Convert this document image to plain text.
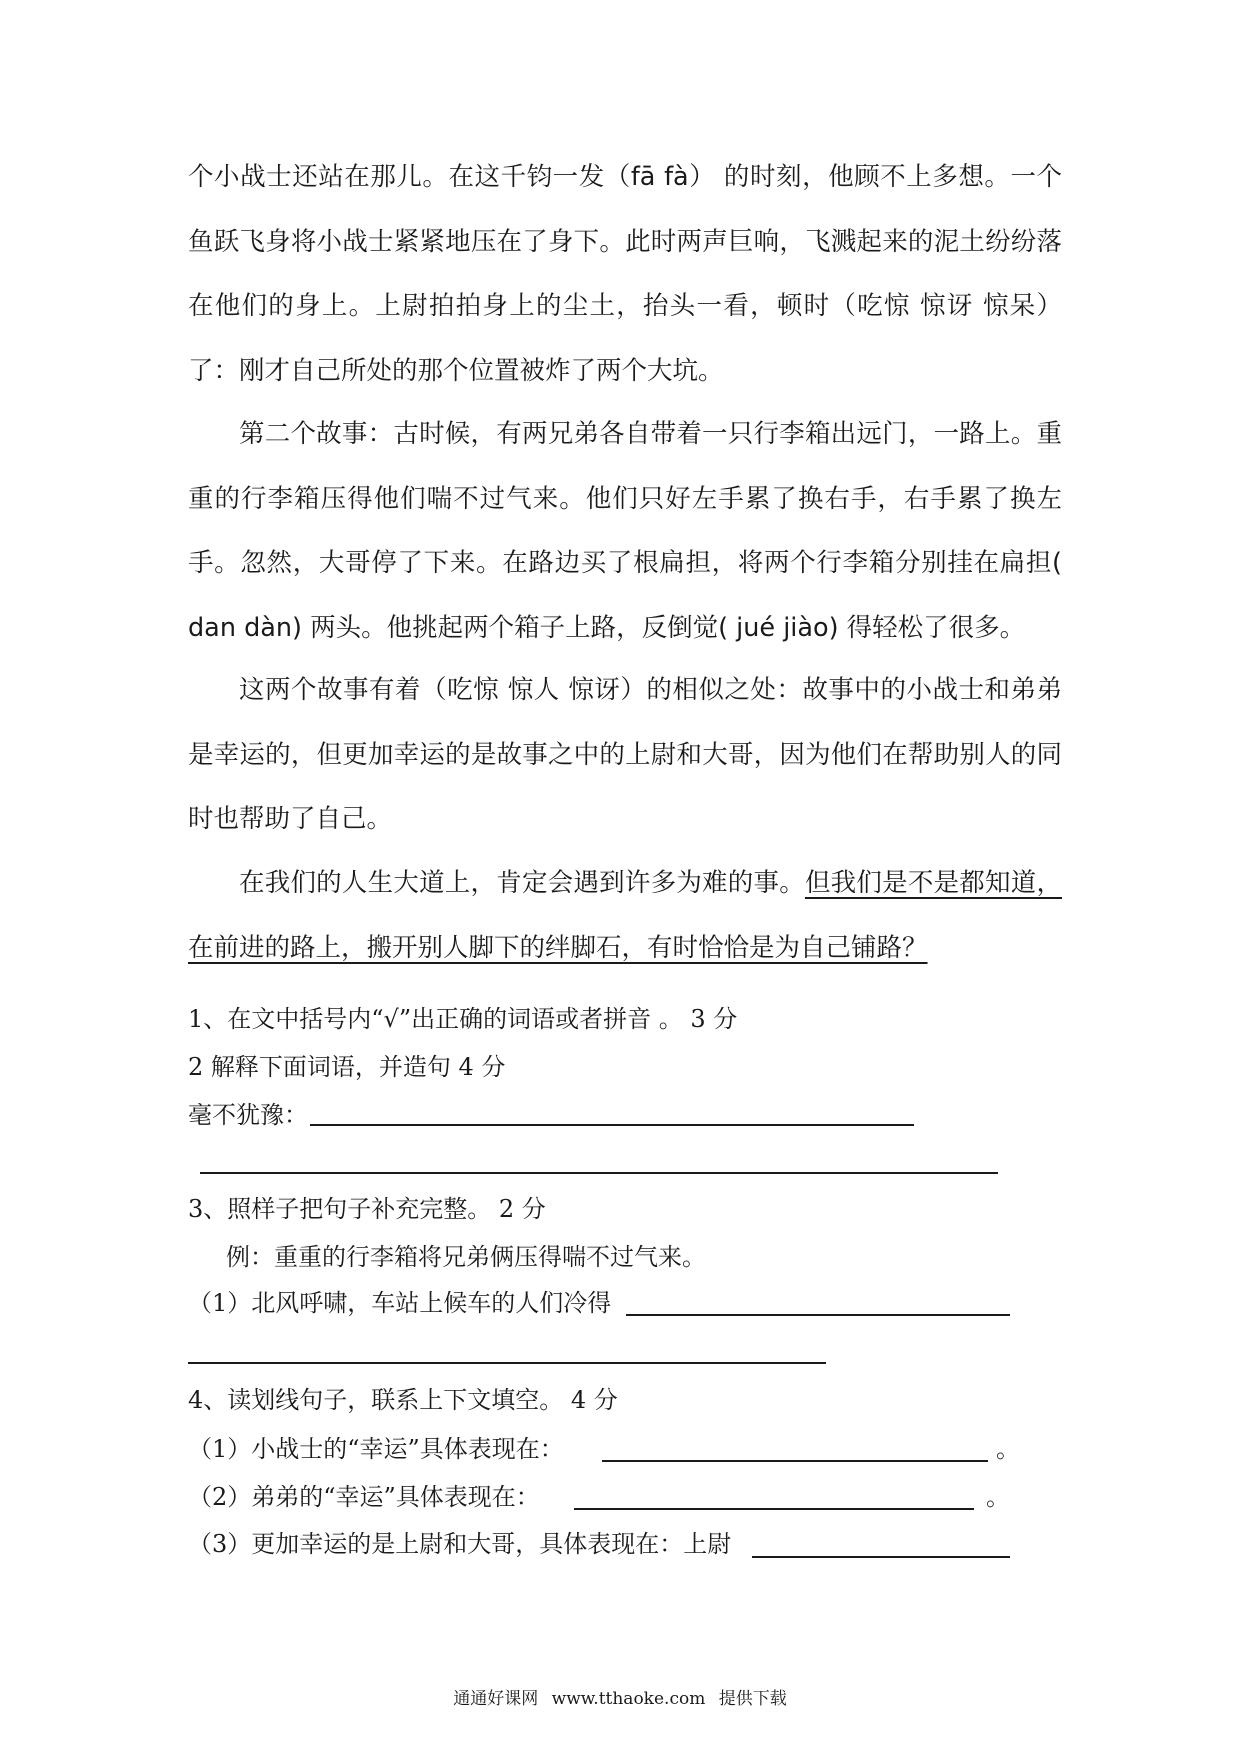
个小战士还站在那儿。在这千钧一发（fā fà） 的时刻，他顾不上多想。一个鱼跃飞身将小战士紧紧地压在了身下。此时两声巨响，飞溅起来的泥土纷纷落在他们的身上。上尉拍拍身上的尘土，抬头一看，顿时（吃惊 惊讶 惊呆）了：刚才自己所处的那个位置被炸了两个大坑。

第二个故事：古时候，有两兄弟各自带着一只行李箱出远门，一路上。重重的行李箱压得他们喘不过气来。他们只好左手累了换右手，右手累了换左手。忽然，大哥停了下来。在路边买了根扁担，将两个行李箱分别挂在扁担( dan dàn) 两头。他挑起两个箱子上路，反倒觉( jué jiào) 得轻松了很多。

这两个故事有着（吃惊 惊人 惊讶）的相似之处：故事中的小战士和弟弟是幸运的，但更加幸运的是故事之中的上尉和大哥，因为他们在帮助别人的同时也帮助了自己。

在我们的人生大道上，肯定会遇到许多为难的事。但我们是不是都知道，在前进的路上，搬开别人脚下的绊脚石，有时恰恰是为自己铺路？

1、在文中括号内“√”出正确的词语或者拼音 。 3 分
2 解释下面词语，并造句 4 分
毫不犹豫：
3、照样子把句子补充完整。 2 分
例：重重的行李箱将兄弟俩压得喘不过气来。
（1）北风呼啸，车站上候车的人们冷得
4、读划线句子，联系上下文填空。 4 分
（1）小战士的“幸运”具体表现在：	。
（2）弟弟的“幸运”具体表现在：	。
（3）更加幸运的是上尉和大哥，具体表现在：上尉
通通好课网 www.tthaoke.com 提供下载
